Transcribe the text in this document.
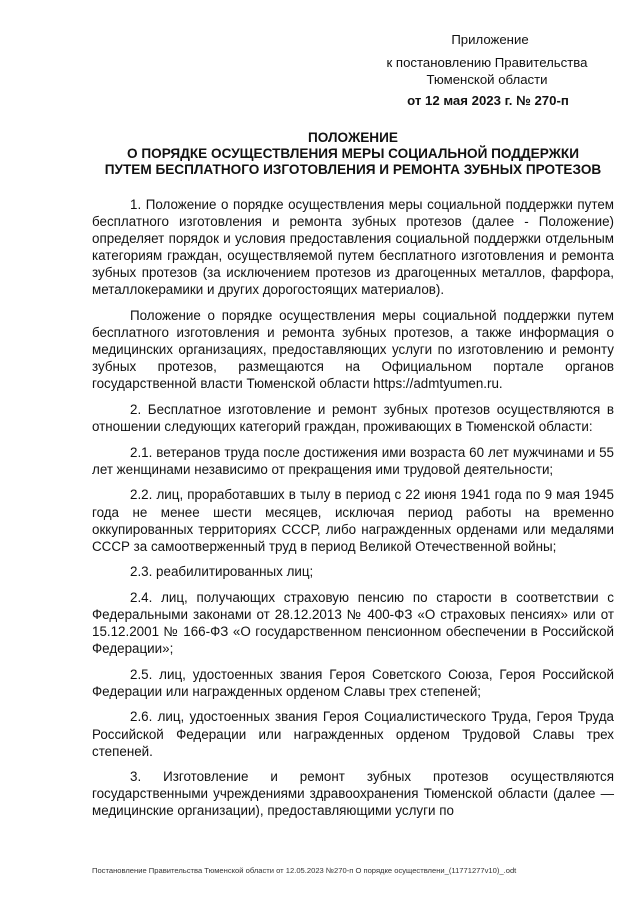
Приложение
к постановлению Правительства Тюменской области
от 12 мая 2023 г. № 270-п
ПОЛОЖЕНИЕ
О ПОРЯДКЕ ОСУЩЕСТВЛЕНИЯ МЕРЫ СОЦИАЛЬНОЙ ПОДДЕРЖКИ
ПУТЕМ БЕСПЛАТНОГО ИЗГОТОВЛЕНИЯ И РЕМОНТА ЗУБНЫХ ПРОТЕЗОВ

1. Положение о порядке осуществления меры социальной поддержки путем бесплатного изготовления и ремонта зубных протезов (далее - Положение) определяет порядок и условия предоставления социальной поддержки отдельным категориям граждан, осуществляемой путем бесплатного изготовления и ремонта зубных протезов (за исключением протезов из драгоценных металлов, фарфора, металлокерамики и других дорогостоящих материалов).

Положение о порядке осуществления меры социальной поддержки путем бесплатного изготовления и ремонта зубных протезов, а также информация о медицинских организациях, предоставляющих услуги по изготовлению и ремонту зубных протезов, размещаются на Официальном портале органов государственной власти Тюменской области https://admtyumen.ru.

2. Бесплатное изготовление и ремонт зубных протезов осуществляются в отношении следующих категорий граждан, проживающих в Тюменской области:

2.1. ветеранов труда после достижения ими возраста 60 лет мужчинами и 55 лет женщинами независимо от прекращения ими трудовой деятельности;

2.2. лиц, проработавших в тылу в период с 22 июня 1941 года по 9 мая 1945 года не менее шести месяцев, исключая период работы на временно оккупированных территориях СССР, либо награжденных орденами или медалями СССР за самоотверженный труд в период Великой Отечественной войны;

2.3. реабилитированных лиц;

2.4. лиц, получающих страховую пенсию по старости в соответствии с Федеральными законами от 28.12.2013 № 400-ФЗ «О страховых пенсиях» или от 15.12.2001 № 166-ФЗ «О государственном пенсионном обеспечении в Российской Федерации»;

2.5. лиц, удостоенных звания Героя Советского Союза, Героя Российской Федерации или награжденных орденом Славы трех степеней;

2.6. лиц, удостоенных звания Героя Социалистического Труда, Героя Труда Российской Федерации или награжденных орденом Трудовой Славы трех степеней.

3. Изготовление и ремонт зубных протезов осуществляются государственными учреждениями здравоохранения Тюменской области (далее — медицинские организации), предоставляющими услуги по

Постановление Правительства Тюменской области от 12.05.2023 №270-п О порядке осуществлени_(11771277v10)_.odt
